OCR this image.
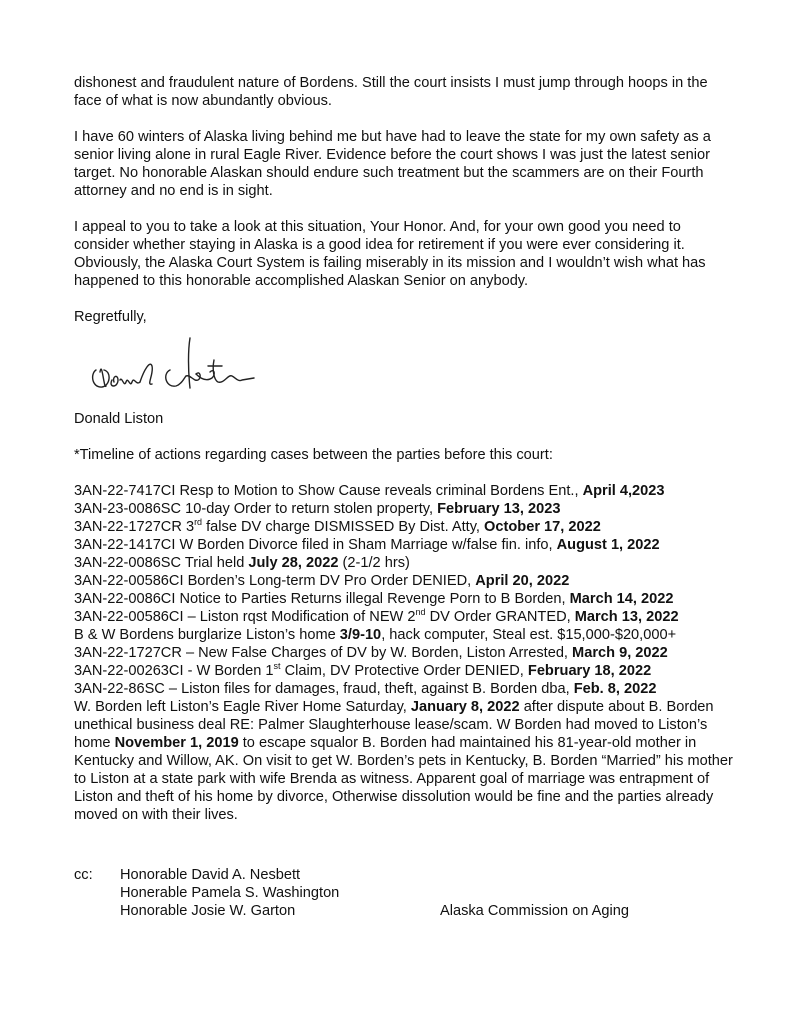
dishonest and fraudulent nature of Bordens. Still the court insists I must jump through hoops in the face of what is now abundantly obvious.

I have 60 winters of Alaska living behind me but have had to leave the state for my own safety as a senior living alone in rural Eagle River. Evidence before the court shows I was just the latest senior target. No honorable Alaskan should endure such treatment but the scammers are on their Fourth attorney and no end is in sight.

I appeal to you to take a look at this situation, Your Honor. And, for your own good you need to consider whether staying in Alaska is a good idea for retirement if you were ever considering it. Obviously, the Alaska Court System is failing miserably in its mission and I wouldn’t wish what has happened to this honorable accomplished Alaskan Senior on anybody.

Regretfully,

Donald Liston

*Timeline of actions regarding cases between the parties before this court:

3AN-22-7417CI Resp to Motion to Show Cause reveals criminal Bordens Ent., April 4,2023

3AN-23-0086SC 10-day Order to return stolen property, February 13, 2023

3AN-22-1727CR 3rd false DV charge DISMISSED By Dist. Atty, October 17, 2022

3AN-22-1417CI W Borden Divorce filed in Sham Marriage w/false fin. info, August 1, 2022

3AN-22-0086SC Trial held July 28, 2022 (2-1/2 hrs)

3AN-22-00586CI Borden’s Long-term DV Pro Order DENIED, April 20, 2022

3AN-22-0086CI Notice to Parties Returns illegal Revenge Porn to B Borden, March 14, 2022

3AN-22-00586CI – Liston rqst Modification of NEW 2nd DV Order GRANTED, March 13, 2022

B & W Bordens burglarize Liston’s home 3/9-10, hack computer, Steal est. $15,000-$20,000+

3AN-22-1727CR – New False Charges of DV by W. Borden, Liston Arrested, March 9, 2022

3AN-22-00263CI - W Borden 1st Claim, DV Protective Order DENIED, February 18, 2022

3AN-22-86SC – Liston files for damages, fraud, theft, against B. Borden dba, Feb. 8, 2022

W. Borden left Liston’s Eagle River Home Saturday, January 8, 2022 after dispute about B. Borden unethical business deal RE: Palmer Slaughterhouse lease/scam. W Borden had moved to Liston’s home November 1, 2019 to escape squalor B. Borden had maintained his 81-year-old mother in Kentucky and Willow, AK. On visit to get W. Borden’s pets in Kentucky, B. Borden “Married” his mother to Liston at a state park with wife Brenda as witness. Apparent goal of marriage was entrapment of Liston and theft of his home by divorce, Otherwise dissolution would be fine and the parties already moved on with their lives.

cc:	Honorable David A. Nesbett
Honerable Pamela S. Washington
Honorable Josie W. Garton	Alaska Commission on Aging
